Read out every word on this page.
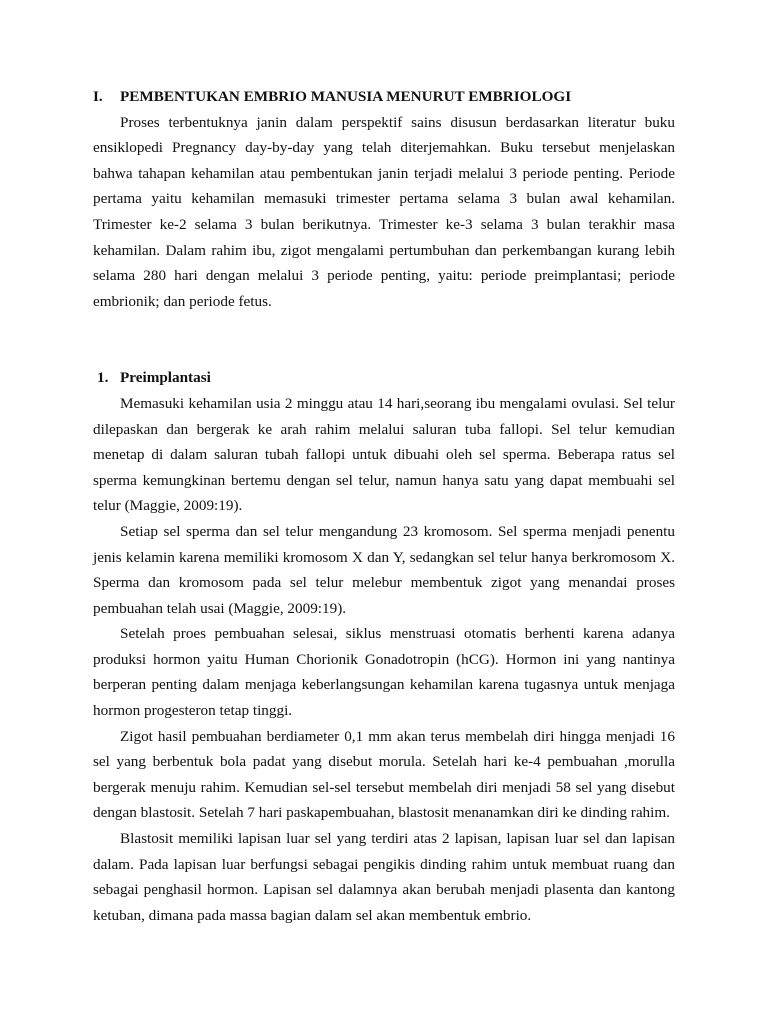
I.	PEMBENTUKAN EMBRIO MANUSIA MENURUT EMBRIOLOGI

Proses terbentuknya janin dalam perspektif sains disusun berdasarkan literatur buku ensiklopedi Pregnancy day-by-day yang telah diterjemahkan. Buku tersebut menjelaskan bahwa tahapan kehamilan atau pembentukan janin terjadi melalui 3 periode penting. Periode pertama yaitu kehamilan memasuki trimester pertama selama 3 bulan awal kehamilan. Trimester ke-2 selama 3 bulan berikutnya. Trimester ke-3 selama 3 bulan terakhir masa kehamilan. Dalam rahim ibu, zigot mengalami pertumbuhan dan perkembangan kurang lebih selama 280 hari dengan melalui 3 periode penting, yaitu: periode preimplantasi; periode embrionik; dan periode fetus.

1. Preimplantasi

Memasuki kehamilan usia 2 minggu atau 14 hari,seorang ibu mengalami ovulasi. Sel telur dilepaskan dan bergerak ke arah rahim melalui saluran tuba fallopi. Sel telur kemudian menetap di dalam saluran tubah fallopi untuk dibuahi oleh sel sperma. Beberapa ratus sel sperma kemungkinan bertemu dengan sel telur, namun hanya satu yang dapat membuahi sel telur (Maggie, 2009:19).

Setiap sel sperma dan sel telur mengandung 23 kromosom. Sel sperma menjadi penentu jenis kelamin karena memiliki kromosom X dan Y, sedangkan sel telur hanya berkromosom X. Sperma dan kromosom pada sel telur melebur membentuk zigot yang menandai proses pembuahan telah usai (Maggie, 2009:19).

Setelah proes pembuahan selesai, siklus menstruasi otomatis berhenti karena adanya produksi hormon yaitu Human Chorionik Gonadotropin (hCG). Hormon ini yang nantinya berperan penting dalam menjaga keberlangsungan kehamilan karena tugasnya untuk menjaga hormon progesteron tetap tinggi.

Zigot hasil pembuahan berdiameter 0,1 mm akan terus membelah diri hingga menjadi 16 sel yang berbentuk bola padat yang disebut morula. Setelah hari ke-4 pembuahan ,morulla bergerak menuju rahim. Kemudian sel-sel tersebut membelah diri menjadi 58 sel yang disebut dengan blastosit. Setelah 7 hari paskapembuahan, blastosit menanamkan diri ke dinding rahim.

Blastosit memiliki lapisan luar sel yang terdiri atas 2 lapisan, lapisan luar sel dan lapisan dalam. Pada lapisan luar berfungsi sebagai pengikis dinding rahim untuk membuat ruang dan sebagai penghasil hormon. Lapisan sel dalamnya akan berubah menjadi plasenta dan kantong ketuban, dimana pada massa bagian dalam sel akan membentuk embrio.
